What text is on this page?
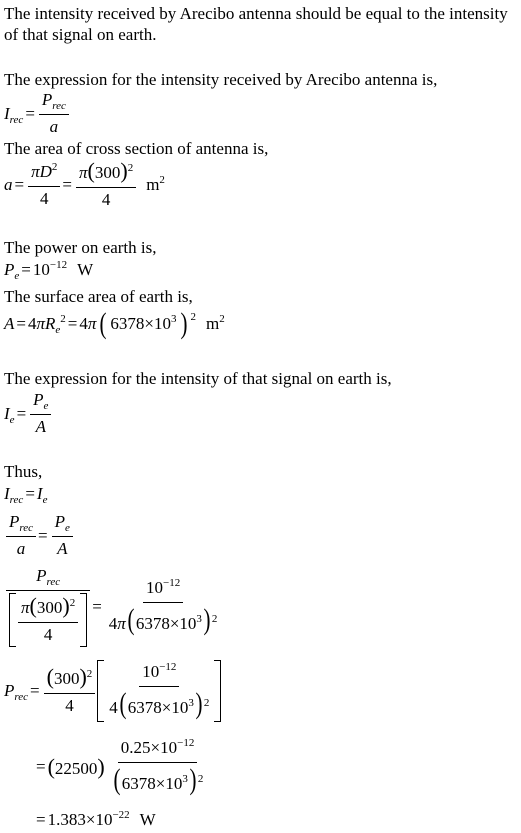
The intensity received by Arecibo antenna should be equal to the intensity of that signal on earth.
The expression for the intensity received by Arecibo antenna is,
$I_{rec} = \frac{P_{rec}}{a}$
The area of cross section of antenna is,
$a = \frac{\pi D^2}{4} = \frac{\pi(300)^2}{4} m^2$
The power on earth is,
$P_e = 10^{-12}$ W
The surface area of earth is,
$A = 4\pi R_e^2 = 4\pi$ ( $6378\times 10^3$ ) 2 $m^2$
The expression for the intensity of that signal on earth is,
$I_e = \frac{P_e}{A}$
Thus,
$I_{rec} = I_e$
$\frac{P_{rec}}{a} = \frac{P_e}{A}$
$\frac{P_{rec}}{\frac{\pi(300)^2}{4}} = \frac{10^{-12}}{4\pi(6378\times 10^3) ^2}$
$P_{rec} = \frac{(300)^2}{4} \frac{10^{-12}}{4(6378\times 10^3) ^2}$
= $(22500) \frac{0.25\times 10^{-12}}{(6378\times 10^3) ^2}$
= $1.383\times 10^{-22}$ W
